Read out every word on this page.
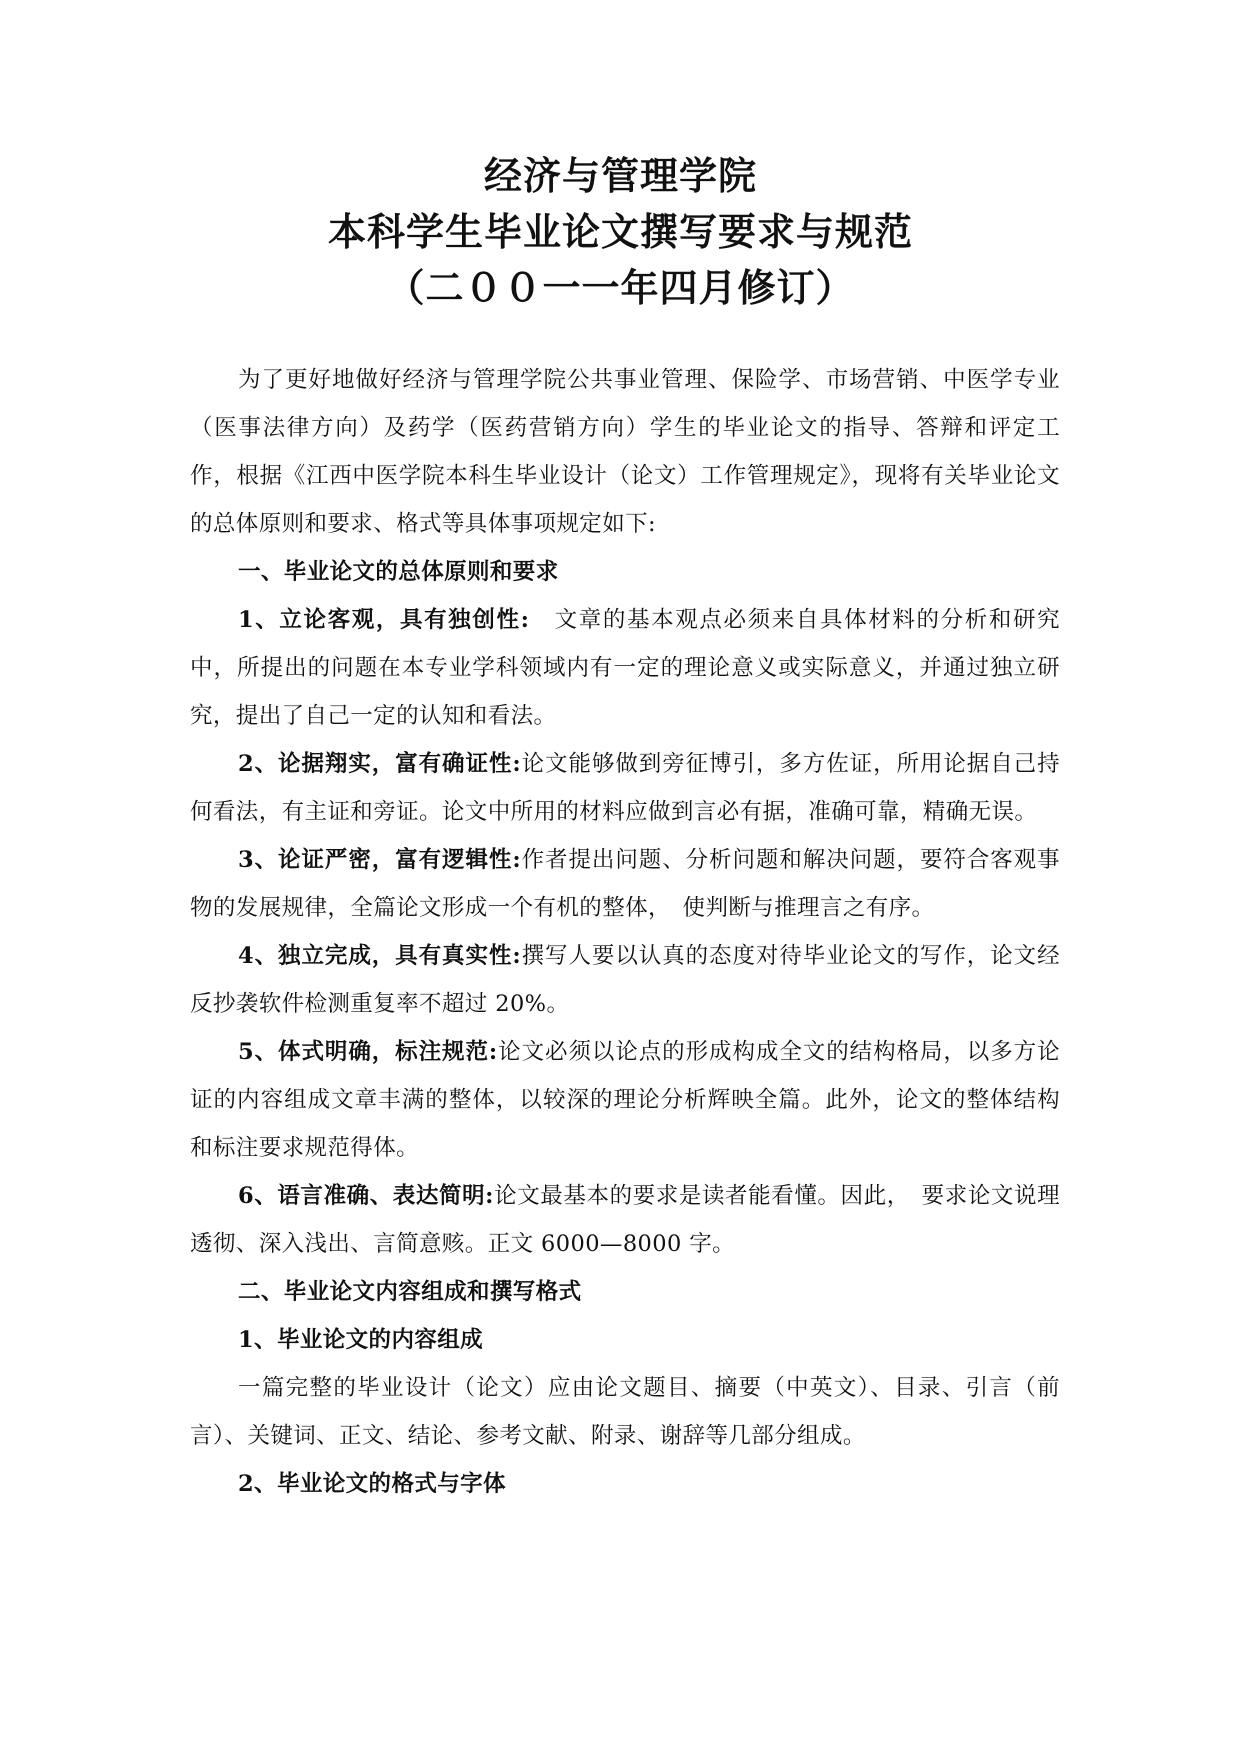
经济与管理学院
本科学生毕业论文撰写要求与规范
（二００一一年四月修订）

为了更好地做好经济与管理学院公共事业管理、保险学、市场营销、中医学专业（医事法律方向）及药学（医药营销方向）学生的毕业论文的指导、答辩和评定工作，根据《江西中医学院本科生毕业设计（论文）工作管理规定》，现将有关毕业论文的总体原则和要求、格式等具体事项规定如下:

一、毕业论文的总体原则和要求

1、立论客观，具有独创性:　文章的基本观点必须来自具体材料的分析和研究中，所提出的问题在本专业学科领域内有一定的理论意义或实际意义，并通过独立研究，提出了自己一定的认知和看法。

2、论据翔实，富有确证性:论文能够做到旁征博引，多方佐证，所用论据自己持何看法，有主证和旁证。论文中所用的材料应做到言必有据，准确可靠，精确无误。

3、论证严密，富有逻辑性:作者提出问题、分析问题和解决问题，要符合客观事物的发展规律，全篇论文形成一个有机的整体，　使判断与推理言之有序。

4、独立完成，具有真实性:撰写人要以认真的态度对待毕业论文的写作，论文经反抄袭软件检测重复率不超过 20%。

5、体式明确，标注规范:论文必须以论点的形成构成全文的结构格局，以多方论证的内容组成文章丰满的整体，以较深的理论分析辉映全篇。此外，论文的整体结构和标注要求规范得体。

6、语言准确、表达简明:论文最基本的要求是读者能看懂。因此，　要求论文说理透彻、深入浅出、言简意赅。正文 6000—8000 字。

二、毕业论文内容组成和撰写格式

1、毕业论文的内容组成

一篇完整的毕业设计（论文）应由论文题目、摘要（中英文）、目录、引言（前言）、关键词、正文、结论、参考文献、附录、谢辞等几部分组成。

2、毕业论文的格式与字体
